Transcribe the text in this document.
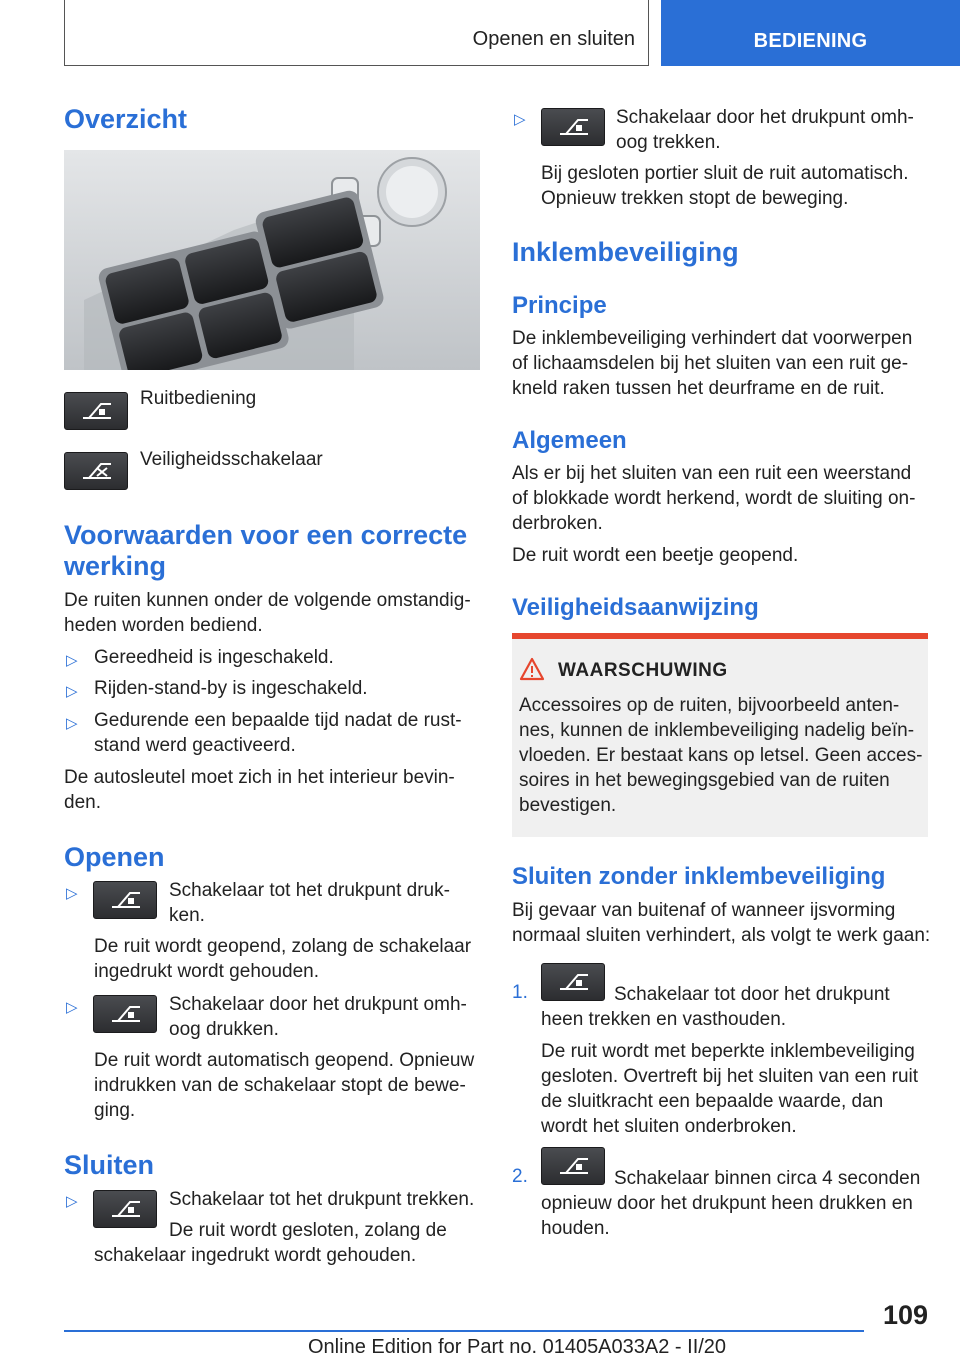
Openen en sluiten	BEDIENING
Overzicht
Ruitbediening
Veiligheidsschakelaar
Voorwaarden voor een correcte
werking
De ruiten kunnen onder de volgende omstandig-
heden worden bediend.
▷ Gereedheid is ingeschakeld.
▷ Rijden-stand-by is ingeschakeld.
▷ Gedurende een bepaalde tijd nadat de rust-
stand werd geactiveerd.
De autosleutel moet zich in het interieur bevin-
den.
Openen
▷	Schakelaar tot het drukpunt druk-
ken.
De ruit wordt geopend, zolang de schakelaar
ingedrukt wordt gehouden.
▷	Schakelaar door het drukpunt omh-
oog drukken.
De ruit wordt automatisch geopend. Opnieuw
indrukken van de schakelaar stopt de bewe-
ging.
Sluiten
▷	Schakelaar tot het drukpunt trekken.
De ruit wordt gesloten, zolang de
schakelaar ingedrukt wordt gehouden.
▷	Schakelaar door het drukpunt omh-
oog trekken.
Bij gesloten portier sluit de ruit automatisch.
Opnieuw trekken stopt de beweging.
Inklembeveiliging
Principe
De inklembeveiliging verhindert dat voorwerpen
of lichaamsdelen bij het sluiten van een ruit ge-
kneld raken tussen het deurframe en de ruit.
Algemeen
Als er bij het sluiten van een ruit een weerstand
of blokkade wordt herkend, wordt de sluiting on-
derbroken.
De ruit wordt een beetje geopend.
Veiligheidsaanwijzing
WAARSCHUWING
Accessoires op de ruiten, bijvoorbeeld anten-
nes, kunnen de inklembeveiliging nadelig beïn-
vloeden. Er bestaat kans op letsel. Geen acces-
soires in het bewegingsgebied van de ruiten
bevestigen.
Sluiten zonder inklembeveiliging
Bij gevaar van buitenaf of wanneer ijsvorming
normaal sluiten verhindert, als volgt te werk gaan:
1.	Schakelaar tot door het drukpunt
heen trekken en vasthouden.
De ruit wordt met beperkte inklembeveiliging
gesloten. Overtreft bij het sluiten van een ruit
de sluitkracht een bepaalde waarde, dan
wordt het sluiten onderbroken.
2.	Schakelaar binnen circa 4 seconden
opnieuw door het drukpunt heen drukken en
houden.
109
Online Edition for Part no. 01405A033A2 - II/20
